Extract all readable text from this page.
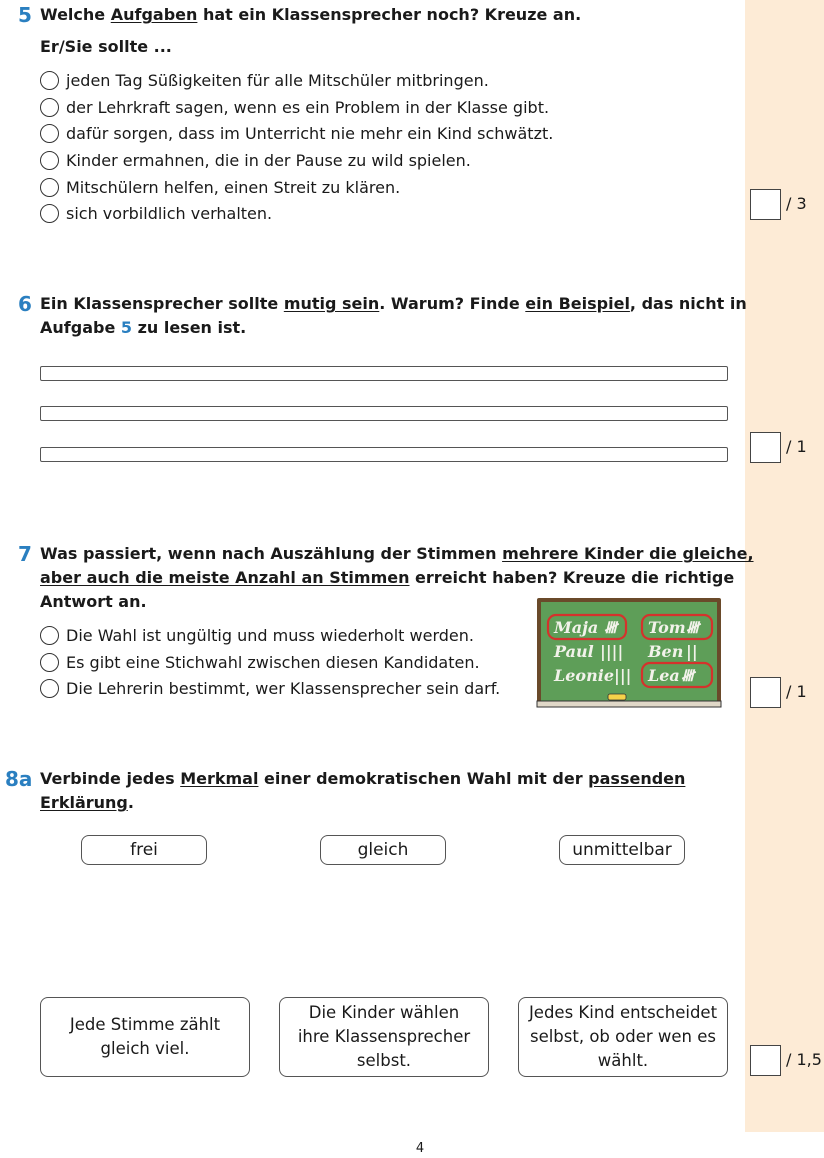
5 Welche Aufgaben hat ein Klassensprecher noch? Kreuze an.
Er/Sie sollte ...
jeden Tag Süßigkeiten für alle Mitschüler mitbringen.
der Lehrkraft sagen, wenn es ein Problem in der Klasse gibt.
dafür sorgen, dass im Unterricht nie mehr ein Kind schwätzt.
Kinder ermahnen, die in der Pause zu wild spielen.
Mitschülern helfen, einen Streit zu klären.
sich vorbildlich verhalten.
/ 3
6 Ein Klassensprecher sollte mutig sein. Warum? Finde ein Beispiel, das nicht in
Aufgabe 5 zu lesen ist.
/ 1
7 Was passiert, wenn nach Auszählung der Stimmen mehrere Kinder die gleiche,
aber auch die meiste Anzahl an Stimmen erreicht haben? Kreuze die richtige
Antwort an.
Die Wahl ist ungültig und muss wiederholt werden.
Es gibt eine Stichwahl zwischen diesen Kandidaten.
Die Lehrerin bestimmt, wer Klassensprecher sein darf.
Maja 𝍸 Tom 𝍸
Paul |||| Ben ||
Leonie ||| Lea 𝍸
/ 1
8a Verbinde jedes Merkmal einer demokratischen Wahl mit der passenden
Erklärung.
frei	gleich	unmittelbar
Jede Stimme zählt
gleich viel.
Die Kinder wählen
ihre Klassensprecher
selbst.
Jedes Kind entscheidet
selbst, ob oder wen es
wählt.	/ 1,5
4
